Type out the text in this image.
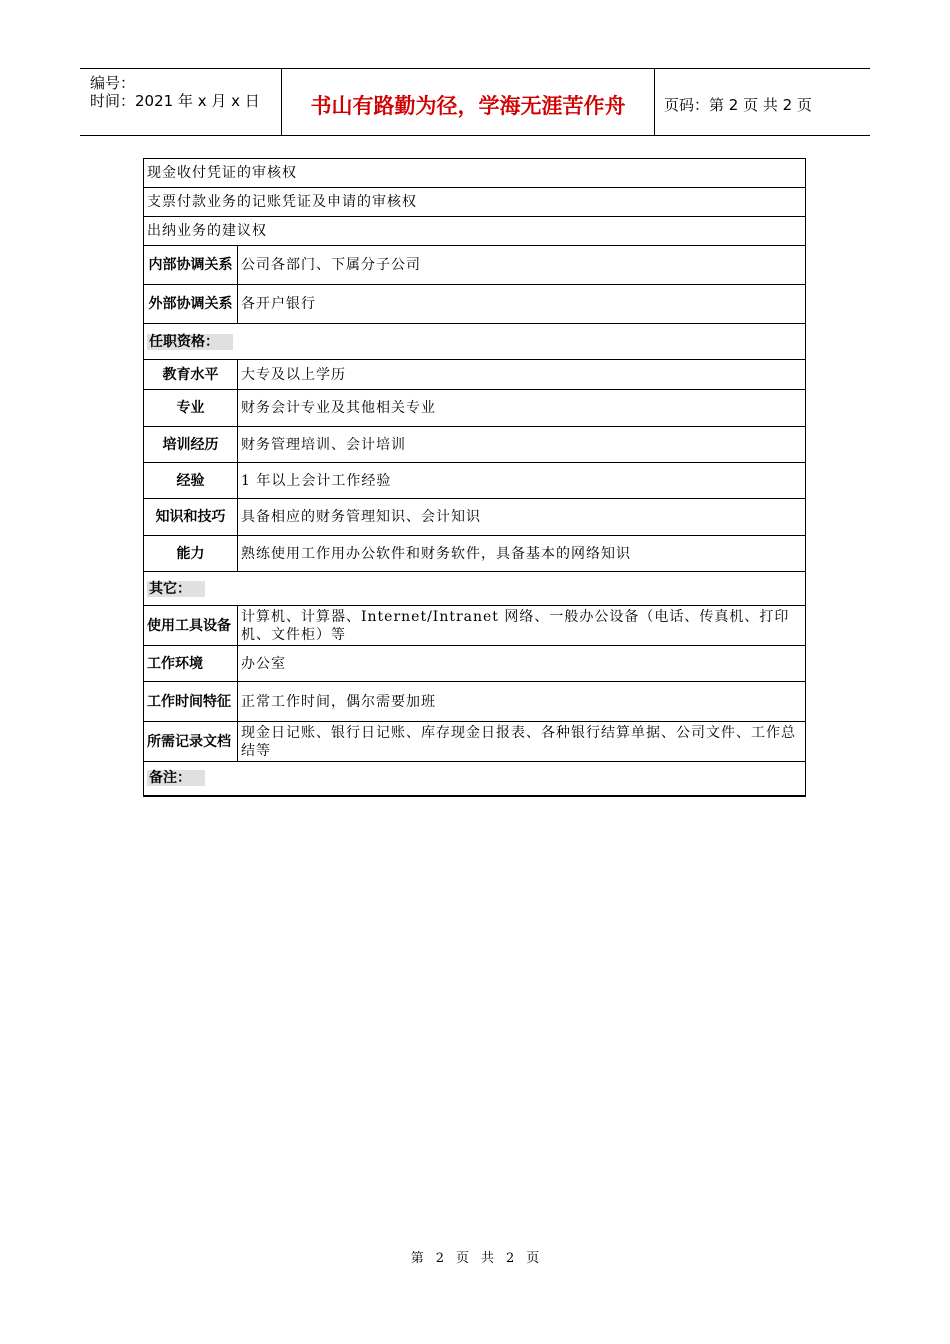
编号：
时间：2021 年 x 月 x 日	书山有路勤为径，学海无涯苦作舟	页码：第 2 页 共 2 页
现金收付凭证的审核权	
支票付款业务的记账凭证及申请的审核权	
出纳业务的建议权	
内部协调关系	公司各部门、下属分子公司
外部协调关系	各开户银行
任职资格：	
教育水平	大专及以上学历
专业	财务会计专业及其他相关专业
培训经历	财务管理培训、会计培训
经验	1 年以上会计工作经验
知识和技巧	具备相应的财务管理知识、会计知识
能力	熟练使用工作用办公软件和财务软件，具备基本的网络知识
其它：	
使用工具设备	计算机、计算器、Internet/Intranet 网络、一般办公设备（电话、传真机、打印机、文件柜）等
工作环境	办公室
工作时间特征	正常工作时间，偶尔需要加班
所需记录文档	现金日记账、银行日记账、库存现金日报表、各种银行结算单据、公司文件、工作总结等
备注：	
第 2 页 共 2 页
